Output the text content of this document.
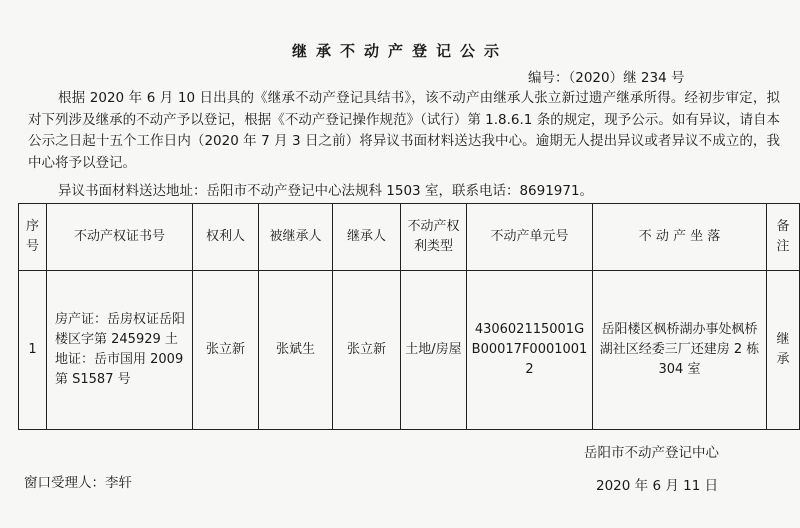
继承不动产登记公示
编号：（2020）继 234 号
根据 2020 年 6 月 10 日出具的《继承不动产登记具结书》，该不动产由继承人张立新过遗产继承所得。经初步审定，拟对下列涉及继承的不动产予以登记，根据《不动产登记操作规范》（试行）第 1.8.6.1 条的规定，现予公示。如有异议，请自本公示之日起十五个工作日内（2020 年 7 月 3 日之前）将异议书面材料送达我中心。逾期无人提出异议或者异议不成立的，我中心将予以登记。
异议书面材料送达地址：岳阳市不动产登记中心法规科 1503 室，联系电话：8691971。
序号	不动产权证书号	权利人	被继承人	继承人	不动产权利类型	不动产单元号	不 动 产 坐 落	备注
1	房产证：岳房权证岳阳楼区字第 245929 土地证：岳市国用 2009 第 S1587 号	张立新	张斌生	张立新	土地/房屋	430602115001GB00017F00010012	岳阳楼区枫桥湖办事处枫桥湖社区经委三厂还建房 2 栋 304 室	继承
岳阳市不动产登记中心
窗口受理人：李轩	2020 年 6 月 11 日
